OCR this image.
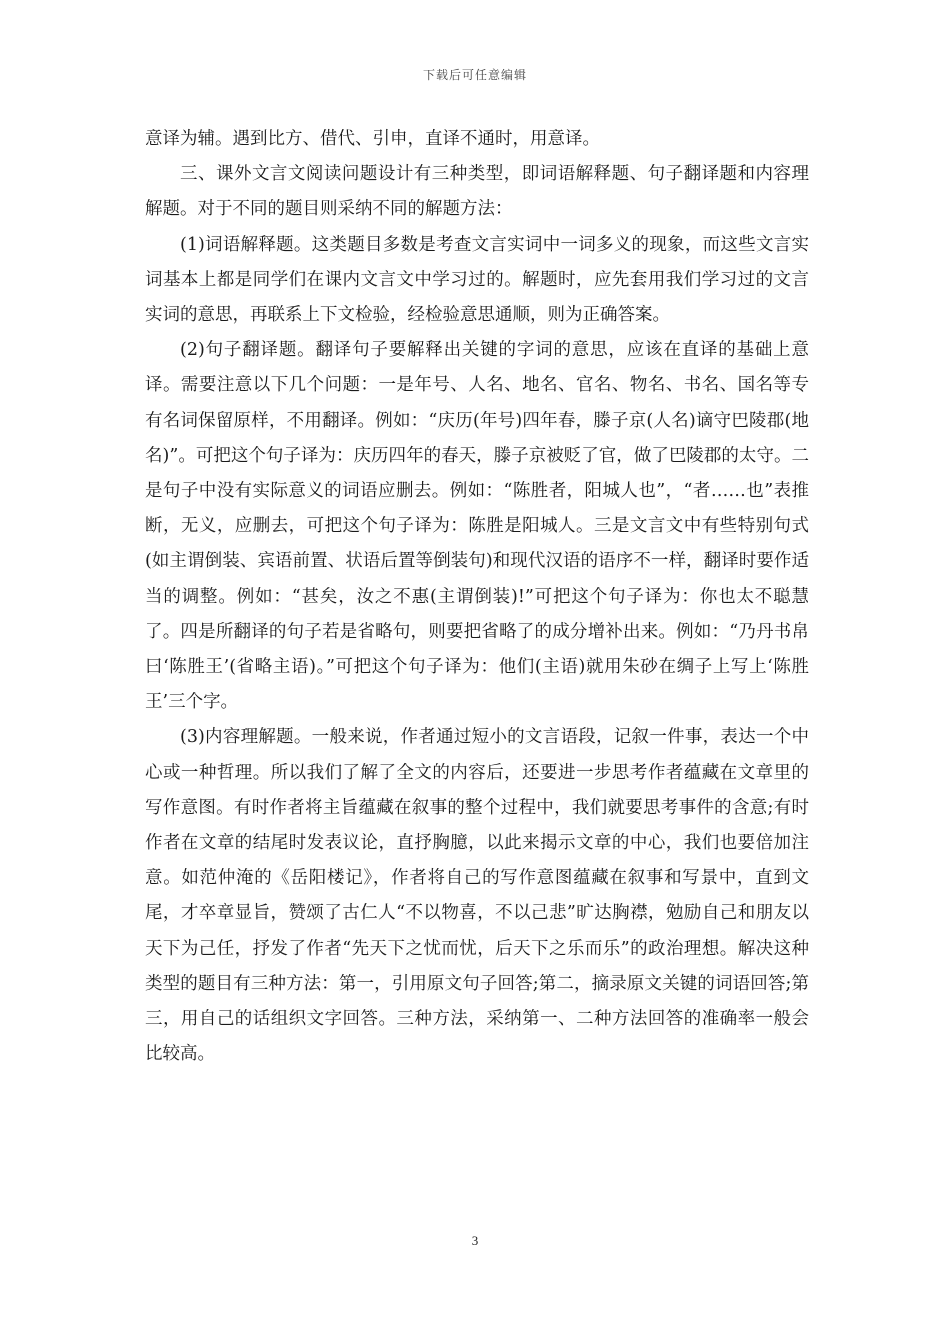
下载后可任意编辑

意译为辅。遇到比方、借代、引申，直译不通时，用意译。

三、课外文言文阅读问题设计有三种类型，即词语解释题、句子翻译题和内容理解题。对于不同的题目则采纳不同的解题方法：

(1)词语解释题。这类题目多数是考查文言实词中一词多义的现象，而这些文言实词基本上都是同学们在课内文言文中学习过的。解题时，应先套用我们学习过的文言实词的意思，再联系上下文检验，经检验意思通顺，则为正确答案。

(2)句子翻译题。翻译句子要解释出关键的字词的意思，应该在直译的基础上意译。需要注意以下几个问题：一是年号、人名、地名、官名、物名、书名、国名等专有名词保留原样，不用翻译。例如：“庆历(年号)四年春，滕子京(人名)谪守巴陵郡(地名)”。可把这个句子译为：庆历四年的春天，滕子京被贬了官，做了巴陵郡的太守。二是句子中没有实际意义的词语应删去。例如：“陈胜者，阳城人也”，“者……也”表推断，无义，应删去，可把这个句子译为：陈胜是阳城人。三是文言文中有些特别句式(如主谓倒装、宾语前置、状语后置等倒装句)和现代汉语的语序不一样，翻译时要作适当的调整。例如：“甚矣，汝之不惠(主谓倒装)!”可把这个句子译为：你也太不聪慧了。四是所翻译的句子若是省略句，则要把省略了的成分增补出来。例如：“乃丹书帛曰‘陈胜王’(省略主语)。”可把这个句子译为：他们(主语)就用朱砂在绸子上写上‘陈胜王’三个字。

(3)内容理解题。一般来说，作者通过短小的文言语段，记叙一件事，表达一个中心或一种哲理。所以我们了解了全文的内容后，还要进一步思考作者蕴藏在文章里的写作意图。有时作者将主旨蕴藏在叙事的整个过程中，我们就要思考事件的含意;有时作者在文章的结尾时发表议论，直抒胸臆，以此来揭示文章的中心，我们也要倍加注意。如范仲淹的《岳阳楼记》，作者将自己的写作意图蕴藏在叙事和写景中，直到文尾，才卒章显旨，赞颂了古仁人“不以物喜，不以己悲”旷达胸襟，勉励自己和朋友以天下为己任，抒发了作者“先天下之忧而忧，后天下之乐而乐”的政治理想。解决这种类型的题目有三种方法：第一，引用原文句子回答;第二，摘录原文关键的词语回答;第三，用自己的话组织文字回答。三种方法，采纳第一、二种方法回答的准确率一般会比较高。

3
